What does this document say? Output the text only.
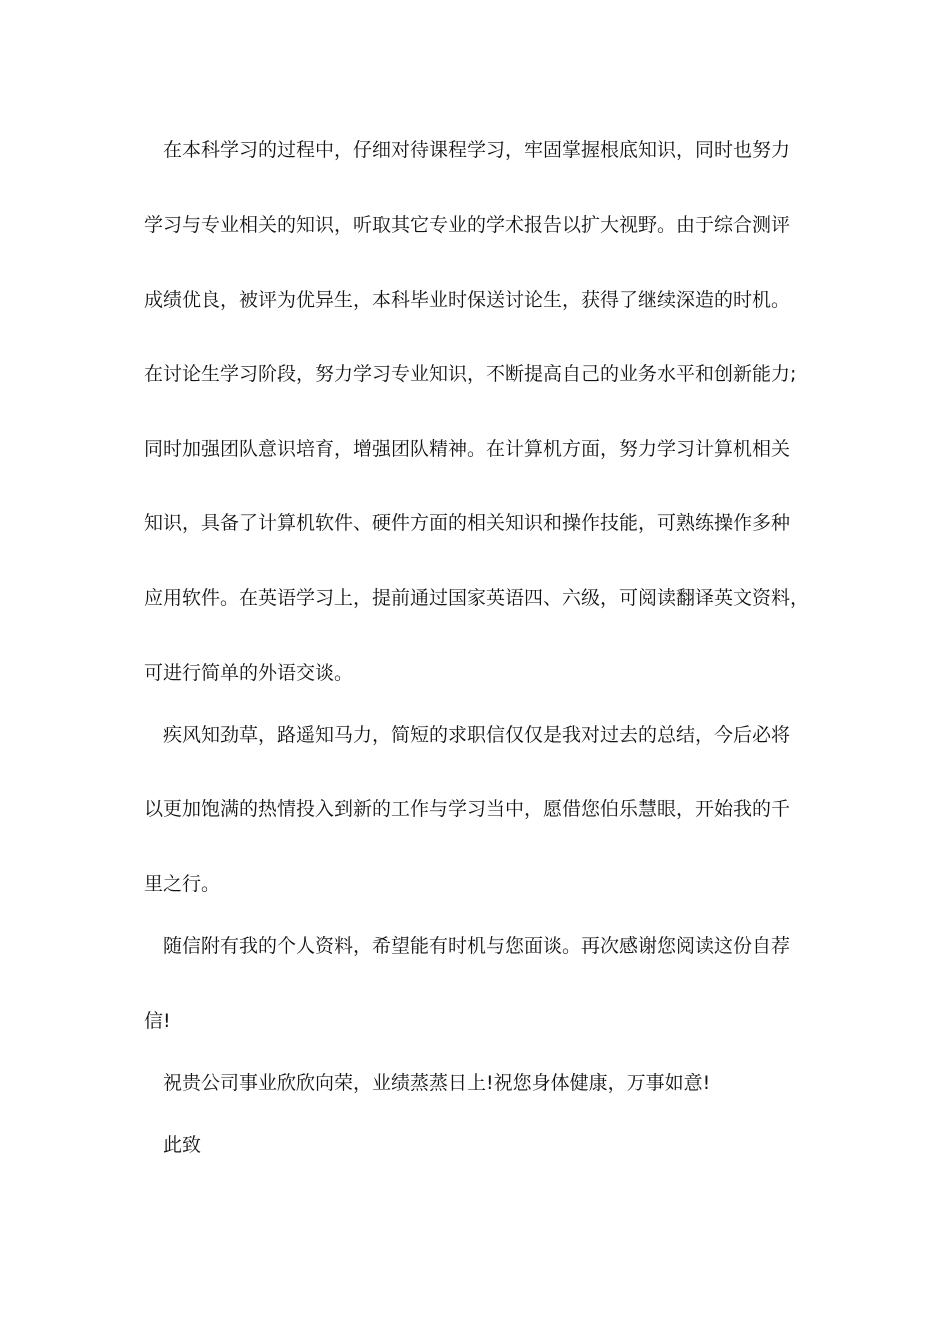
在本科学习的过程中，仔细对待课程学习，牢固掌握根底知识，同时也努力
学习与专业相关的知识，听取其它专业的学术报告以扩大视野。由于综合测评
成绩优良，被评为优异生，本科毕业时保送讨论生，获得了继续深造的时机。
在讨论生学习阶段，努力学习专业知识，不断提高自己的业务水平和创新能力;
同时加强团队意识培育，增强团队精神。在计算机方面，努力学习计算机相关
知识，具备了计算机软件、硬件方面的相关知识和操作技能，可熟练操作多种
应用软件。在英语学习上，提前通过国家英语四、六级，可阅读翻译英文资料，
可进行简单的外语交谈。
疾风知劲草，路遥知马力，简短的求职信仅仅是我对过去的总结，今后必将
以更加饱满的热情投入到新的工作与学习当中，愿借您伯乐慧眼，开始我的千
里之行。
随信附有我的个人资料，希望能有时机与您面谈。再次感谢您阅读这份自荐
信!
祝贵公司事业欣欣向荣，业绩蒸蒸日上!祝您身体健康，万事如意!
此致
